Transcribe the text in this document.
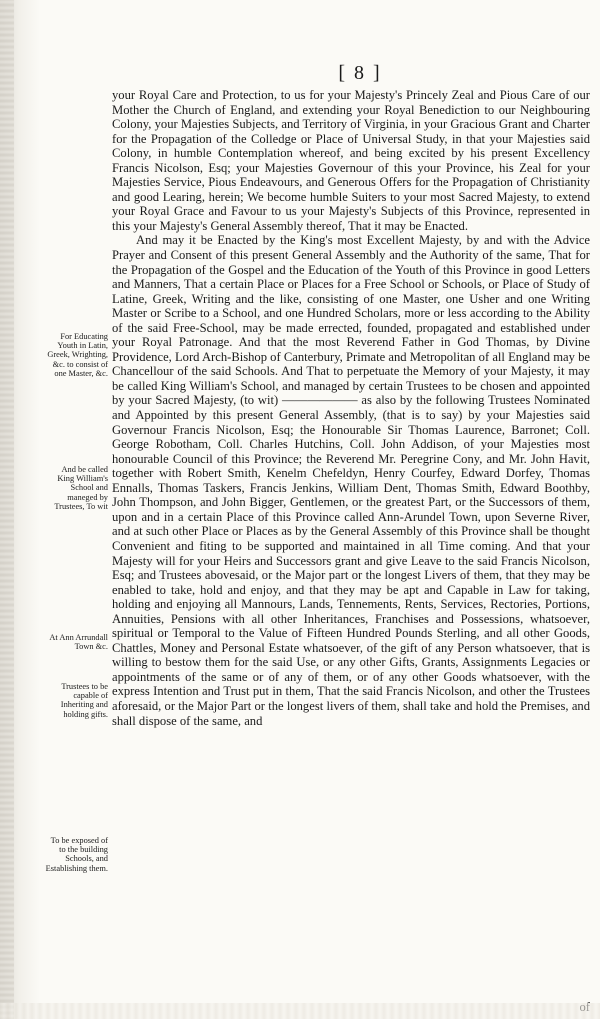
[ 8 ]
For Educating Youth in Latin, Greek, Wrighting, &c. to consist of one Master, &c.
And be called King William's School and maneged by Trustees, To wit
At Ann Arrundall Town &c.
Trustees to be capable of Inheriting and holding gifts.
To be exposed of to the building Schools, and Establishing them.

your Royal Care and Protection, to us for your Majesty's Princely Zeal and Pious Care of our Mother the Church of England, and extending your Royal Benediction to our Neighbouring Colony, your Majesties Subjects, and Territory of Virginia, in your Gracious Grant and Charter for the Propagation of the Colledge or Place of Universal Study, in that your Majesties said Colony, in humble Contemplation whereof, and being excited by his present Excellency Francis Nicolson, Esq; your Majesties Governour of this your Province, his Zeal for your Majesties Service, Pious Endeavours, and Generous Offers for the Propagation of Christianity and good Learing, herein; We become humble Suiters to your most Sacred Majesty, to extend your Royal Grace and Favour to us your Majesty's Subjects of this Province, represented in this your Majesty's General Assembly thereof, That it may be Enacted.

And may it be Enacted by the King's most Excellent Majesty, by and with the Advice Prayer and Consent of this present General Assembly and the Authority of the same, That for the Propagation of the Gospel and the Education of the Youth of this Province in good Letters and Manners, That a certain Place or Places for a Free School or Schools, or Place of Study of Latine, Greek, Writing and the like, consisting of one Master, one Usher and one Writing Master or Scribe to a School, and one Hundred Scholars, more or less according to the Ability of the said Free-School, may be made errected, founded, propagated and established under your Royal Patronage. And that the most Reverend Father in God Thomas, by Divine Providence, Lord Arch-Bishop of Canterbury, Primate and Metropolitan of all England may be Chancellour of the said Schools. And That to perpetuate the Memory of your Majesty, it may be called King William's School, and managed by certain Trustees to be chosen and appointed by your Sacred Majesty, (to wit) —————— as also by the following Trustees Nominated and Appointed by this present General Assembly, (that is to say) by your Majesties said Governour Francis Nicolson, Esq; the Honourable Sir Thomas Laurence, Barronet; Coll. George Robotham, Coll. Charles Hutchins, Coll. John Addison, of your Majesties most honourable Council of this Province; the Reverend Mr. Peregrine Cony, and Mr. John Havit, together with Robert Smith, Kenelm Chefeldyn, Henry Courfey, Edward Dorfey, Thomas Ennalls, Thomas Taskers, Francis Jenkins, William Dent, Thomas Smith, Edward Boothby, John Thompson, and John Bigger, Gentlemen, or the greatest Part, or the Successors of them, upon and in a certain Place of this Province called Ann-Arundel Town, upon Severne River, and at such other Place or Places as by the General Assembly of this Province shall be thought Convenient and fiting to be supported and maintained in all Time coming. And that your Majesty will for your Heirs and Successors grant and give Leave to the said Francis Nicolson, Esq; and Trustees abovesaid, or the Major part or the longest Livers of them, that they may be enabled to take, hold and enjoy, and that they may be apt and Capable in Law for taking, holding and enjoying all Mannours, Lands, Tennements, Rents, Services, Rectories, Portions, Annuities, Pensions with all other Inheritances, Franchises and Possessions, whatsoever, spiritual or Temporal to the Value of Fifteen Hundred Pounds Sterling, and all other Goods, Chattles, Money and Personal Estate whatsoever, of the gift of any Person whatsoever, that is willing to bestow them for the said Use, or any other Gifts, Grants, Assignments Legacies or appointments of the same or of any of them, or of any other Goods whatsoever, with the express Intention and Trust put in them, That the said Francis Nicolson, and other the Trustees aforesaid, or the Major Part or the longest livers of them, shall take and hold the Premises, and shall dispose of the same, and
